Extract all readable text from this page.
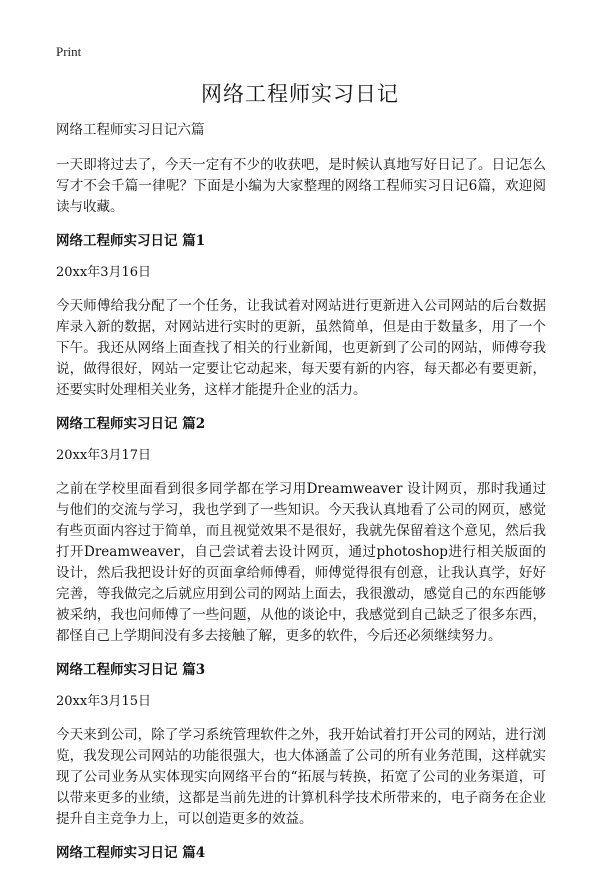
Print
网络工程师实习日记

网络工程师实习日记六篇

一天即将过去了，今天一定有不少的收获吧，是时候认真地写好日记了。日记怎么写才不会千篇一律呢？下面是小编为大家整理的网络工程师实习日记6篇，欢迎阅读与收藏。

网络工程师实习日记 篇1

20xx年3月16日

今天师傅给我分配了一个任务，让我试着对网站进行更新进入公司网站的后台数据库录入新的数据，对网站进行实时的更新，虽然简单，但是由于数量多，用了一个下午。我还从网络上面查找了相关的行业新闻，也更新到了公司的网站，师傅夸我说，做得很好，网站一定要让它动起来，每天要有新的内容，每天都必有要更新，还要实时处理相关业务，这样才能提升企业的活力。

网络工程师实习日记 篇2

20xx年3月17日

之前在学校里面看到很多同学都在学习用Dreamweaver 设计网页，那时我通过与他们的交流与学习，我也学到了一些知识。今天我认真地看了公司的网页，感觉有些页面内容过于简单，而且视觉效果不是很好，我就先保留着这个意见，然后我打开Dreamweaver，自己尝试着去设计网页，通过photoshop进行相关版面的设计，然后我把设计好的页面拿给师傅看，师傅觉得很有创意，让我认真学，好好完善，等我做完之后就应用到公司的网站上面去，我很激动，感觉自己的东西能够被采纳，我也问师傅了一些问题，从他的谈论中，我感觉到自己缺乏了很多东西，都怪自己上学期间没有多去接触了解，更多的软件，今后还必须继续努力。

网络工程师实习日记 篇3

20xx年3月15日

今天来到公司，除了学习系统管理软件之外，我开始试着打开公司的网站，进行浏览，我发现公司网站的功能很强大，也大体涵盖了公司的所有业务范围，这样就实现了公司业务从实体现实向网络平台的“拓展与转换，拓宽了公司的业务渠道，可以带来更多的业绩，这都是当前先进的计算机科学技术所带来的，电子商务在企业提升自主竞争力上，可以创造更多的效益。

网络工程师实习日记 篇4
